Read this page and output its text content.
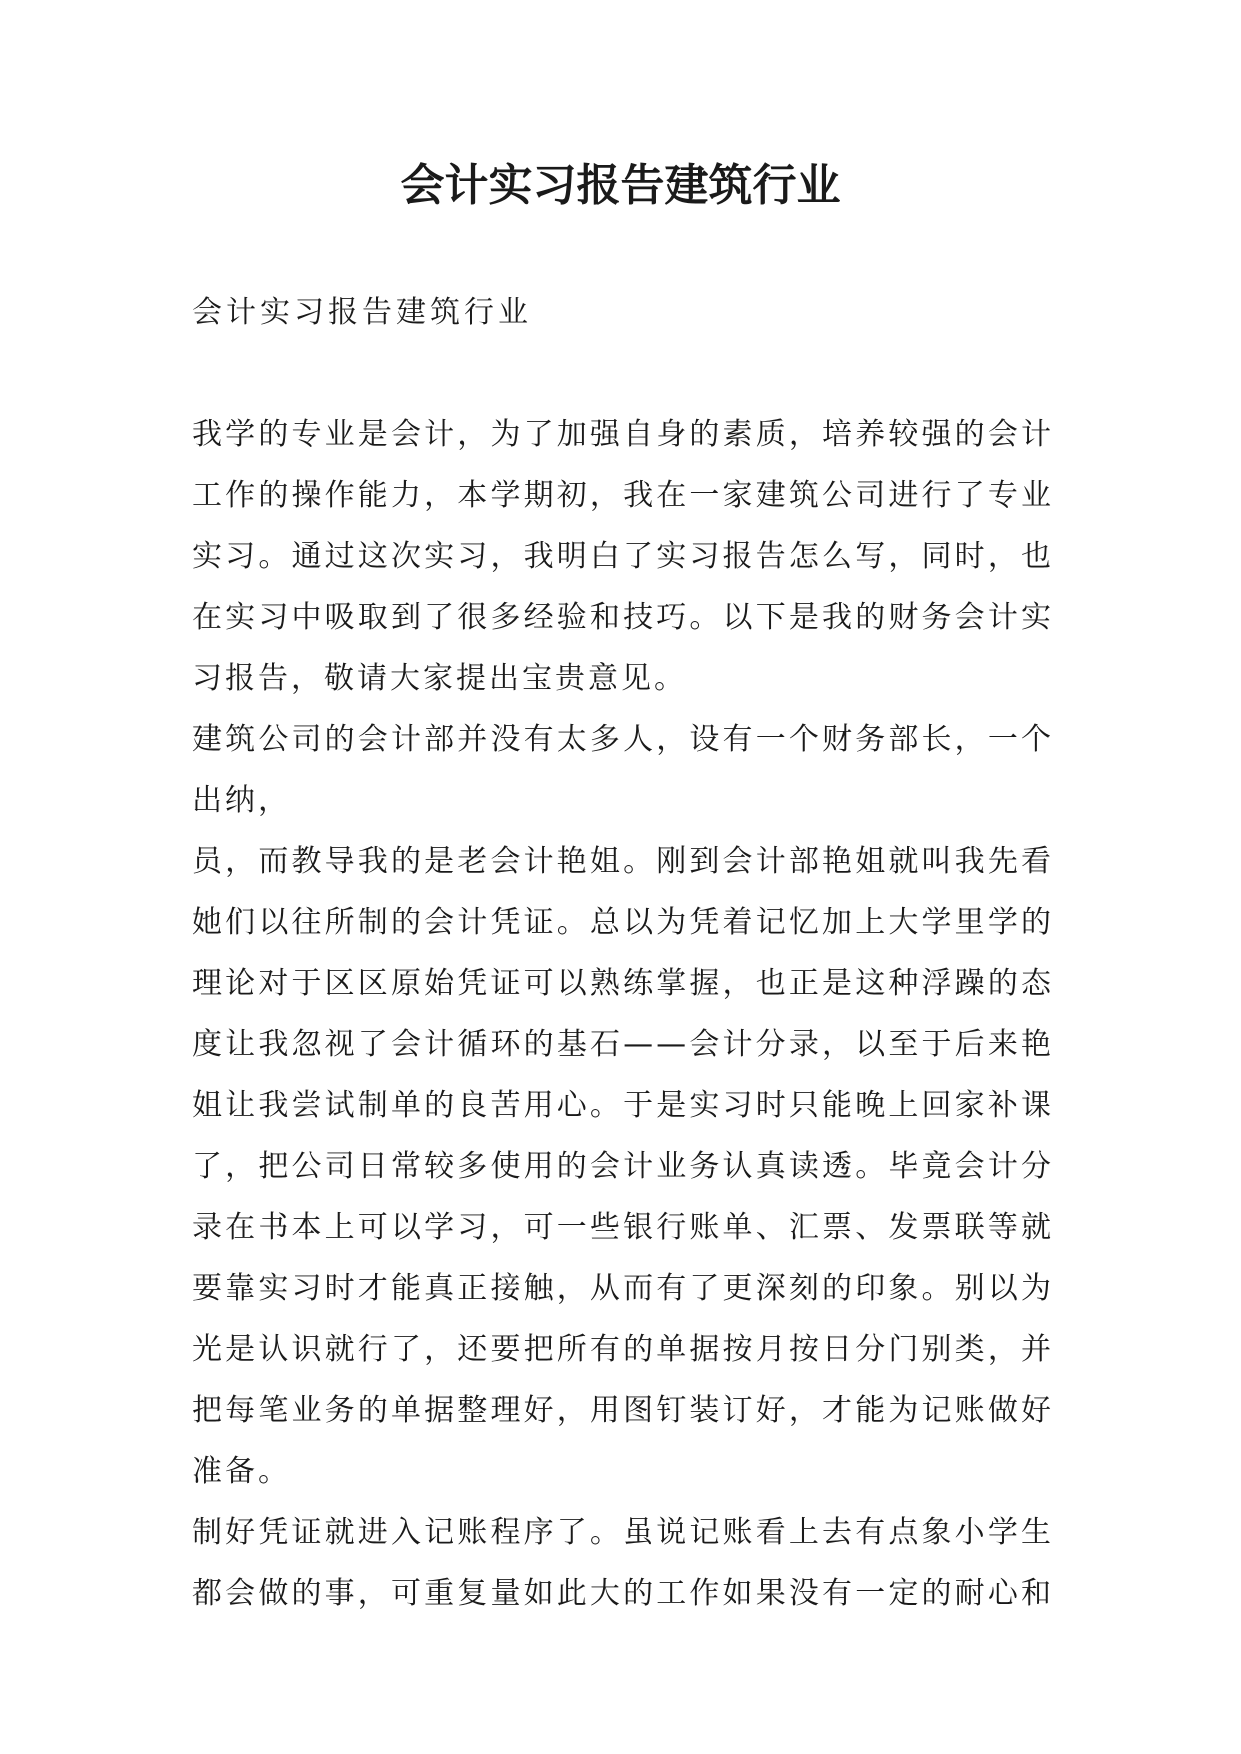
会计实习报告建筑行业

会计实习报告建筑行业

我学的专业是会计，为了加强自身的素质，培养较强的会计

工作的操作能力，本学期初，我在一家建筑公司进行了专业

实习。通过这次实习，我明白了实习报告怎么写，同时，也

在实习中吸取到了很多经验和技巧。以下是我的财务会计实

习报告，敬请大家提出宝贵意见。

建筑公司的会计部并没有太多人，设有一个财务部长，一个

出纳，

员，而教导我的是老会计艳姐。刚到会计部艳姐就叫我先看

她们以往所制的会计凭证。总以为凭着记忆加上大学里学的

理论对于区区原始凭证可以熟练掌握，也正是这种浮躁的态

度让我忽视了会计循环的基石——会计分录，以至于后来艳

姐让我尝试制单的良苦用心。于是实习时只能晚上回家补课

了，把公司日常较多使用的会计业务认真读透。毕竟会计分

录在书本上可以学习，可一些银行账单、汇票、发票联等就

要靠实习时才能真正接触，从而有了更深刻的印象。别以为

光是认识就行了，还要把所有的单据按月按日分门别类，并

把每笔业务的单据整理好，用图钉装订好，才能为记账做好

准备。

制好凭证就进入记账程序了。虽说记账看上去有点象小学生

都会做的事，可重复量如此大的工作如果没有一定的耐心和
